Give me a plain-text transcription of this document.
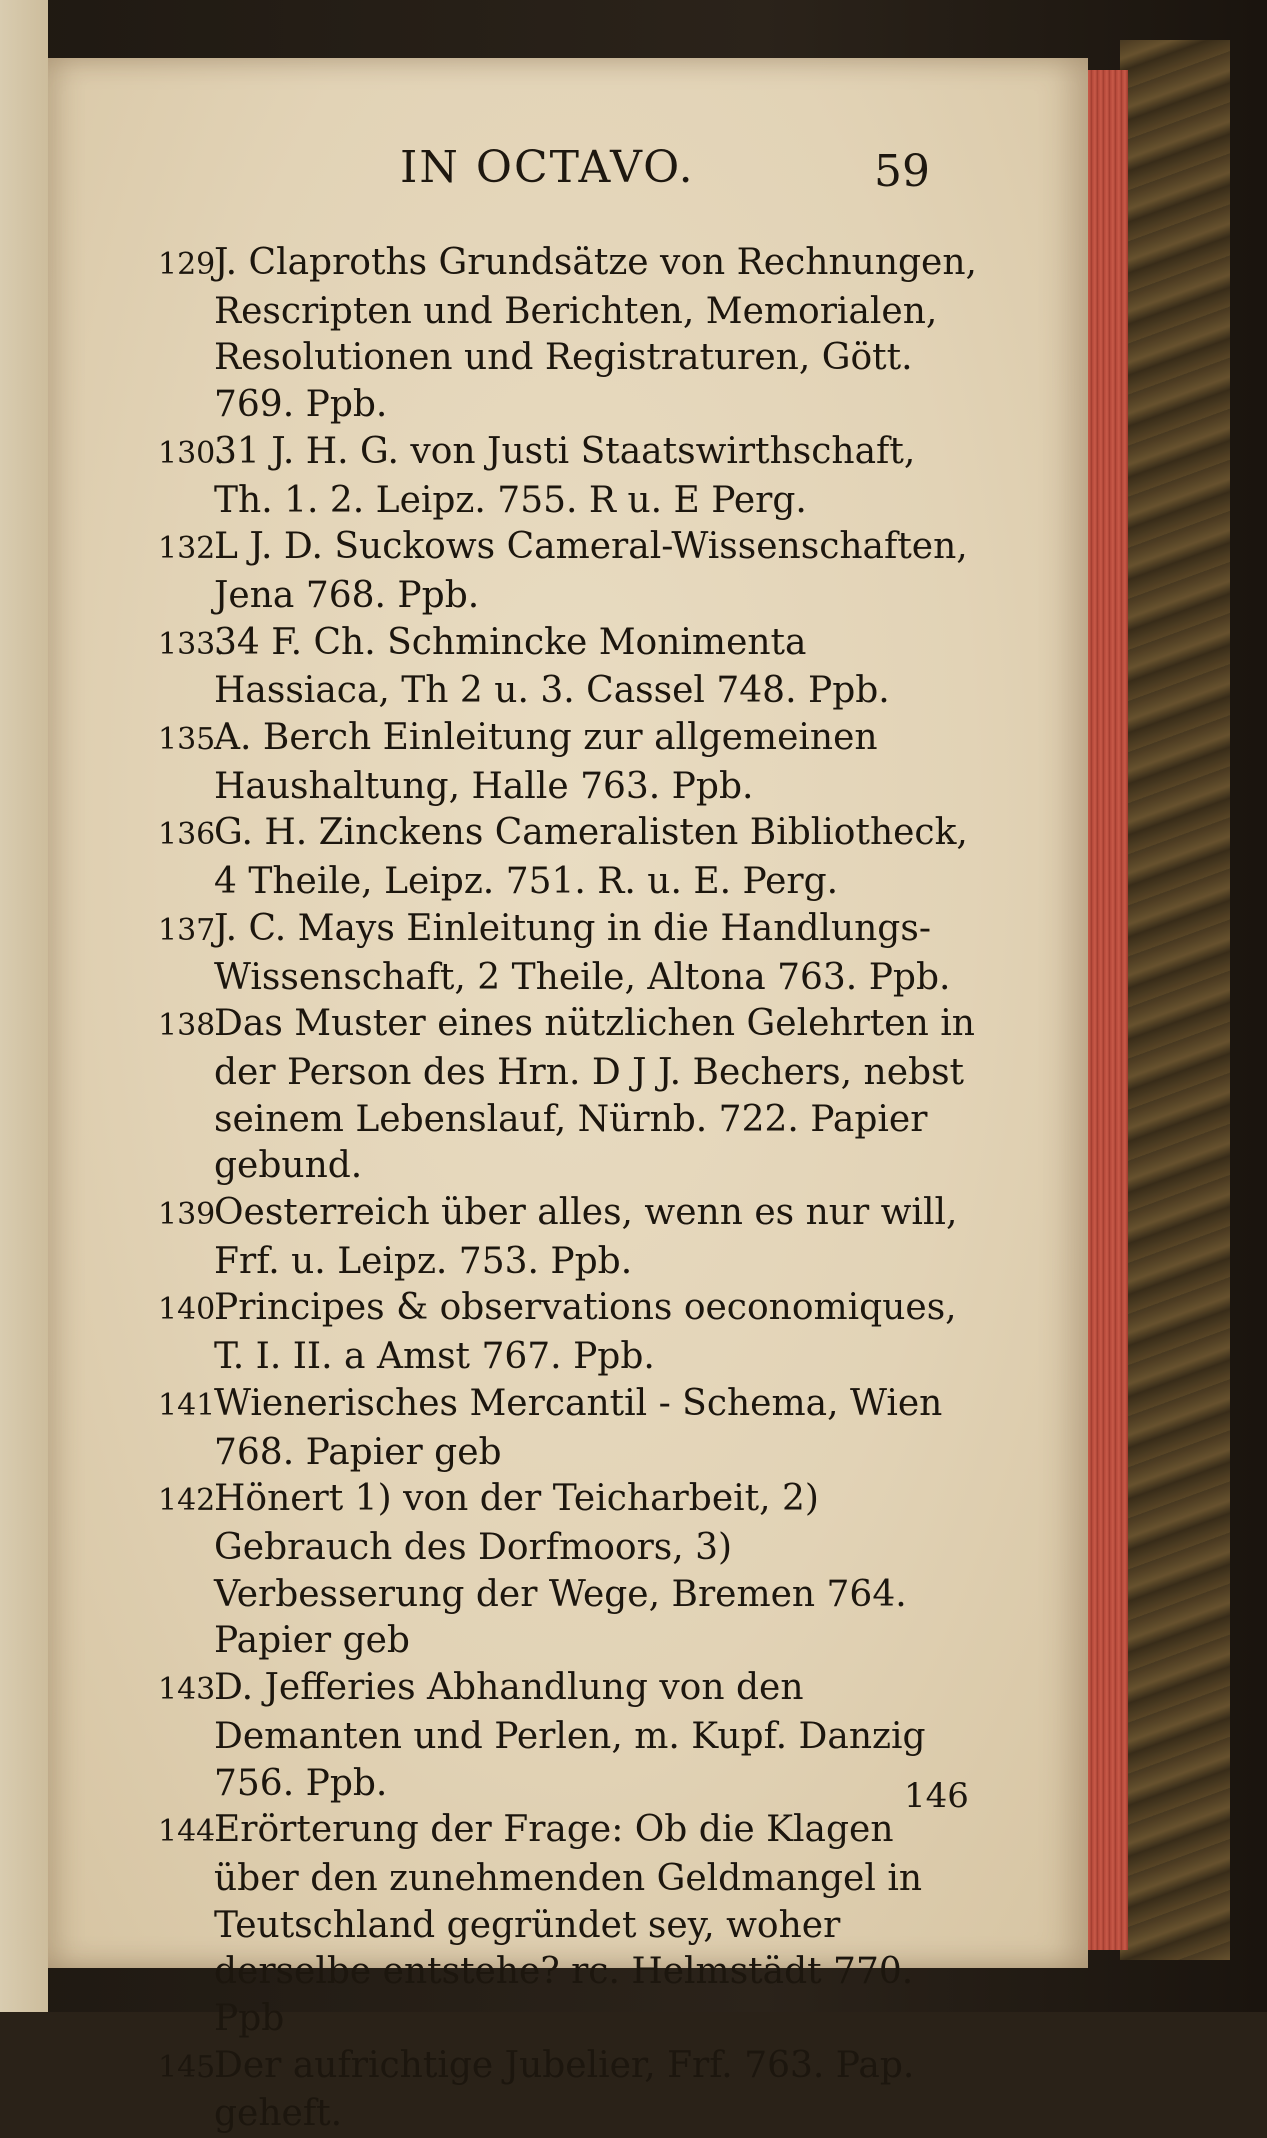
IN OCTAVO.	59

129J. Claproths Grundsätze von Rechnungen, Rescripten und Berichten, Memorialen, Resolutionen und Registraturen, Gött. 769. Ppb.

130.31 J. H. G. von Justi Staatswirthschaft, Th. 1. 2. Leipz. 755. R u. E Perg.

132L J. D. Suckows Cameral-Wissenschaften, Jena 768. Ppb.

133.34 F. Ch. Schmincke Monimenta Hassiaca, Th 2 u. 3. Cassel 748. Ppb.

135A. Berch Einleitung zur allgemeinen Haushaltung, Halle 763. Ppb.

136G. H. Zinckens Cameralisten Bibliotheck, 4 Theile, Leipz. 751. R. u. E. Perg.

137J. C. Mays Einleitung in die Handlungs-Wissenschaft, 2 Theile, Altona 763. Ppb.

138Das Muster eines nützlichen Gelehrten in der Person des Hrn. D J J. Bechers, nebst seinem Lebenslauf, Nürnb. 722. Papier gebund.

139Oesterreich über alles, wenn es nur will, Frf. u. Leipz. 753. Ppb.

140Principes & observations oeconomiques, T. I. II. a Amst 767. Ppb.

141Wienerisches Mercantil - Schema, Wien 768. Papier geb

142Hönert 1) von der Teicharbeit, 2) Gebrauch des Dorfmoors, 3) Verbesserung der Wege, Bremen 764. Papier geb

143D. Jefferies Abhandlung von den Demanten und Perlen, m. Kupf. Danzig 756. Ppb.

144Erörterung der Frage: Ob die Klagen über den zunehmenden Geldmangel in Teutschland gegründet sey, woher derselbe entstehe? rc. Helmstädt 770. Ppb

145Der aufrichtige Jubelier, Frf. 763. Pap. geheft.

146
